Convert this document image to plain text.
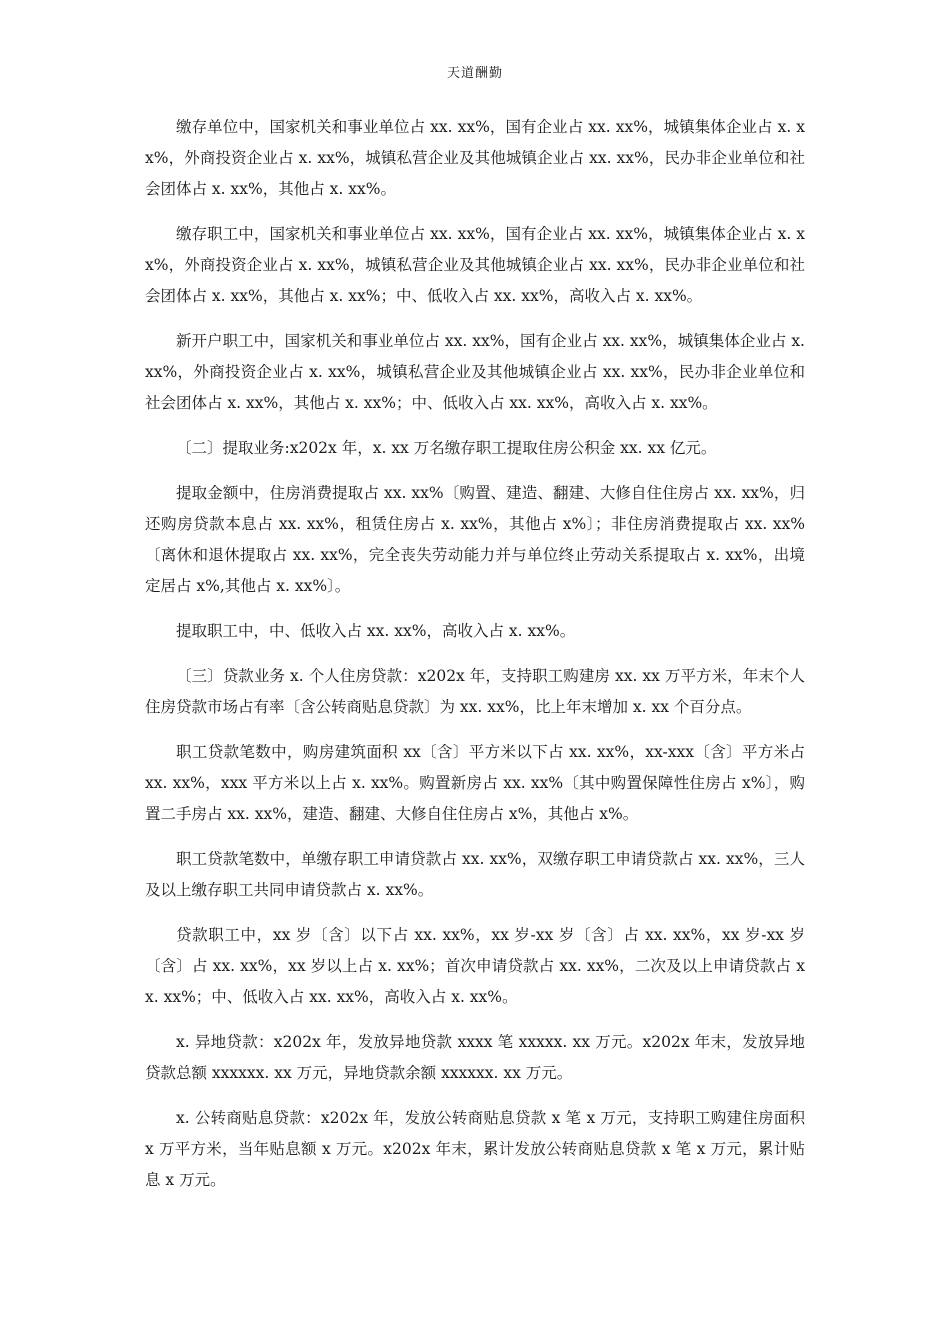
天道酬勤

缴存单位中，国家机关和事业单位占 xx. xx%，国有企业占 xx. xx%，城镇集体企业占 x. xx%，外商投资企业占 x. xx%，城镇私营企业及其他城镇企业占 xx. xx%，民办非企业单位和社会团体占 x. xx%，其他占 x. xx%。

缴存职工中，国家机关和事业单位占 xx. xx%，国有企业占 xx. xx%，城镇集体企业占 x. xx%，外商投资企业占 x. xx%，城镇私营企业及其他城镇企业占 xx. xx%，民办非企业单位和社会团体占 x. xx%，其他占 x. xx%；中、低收入占 xx. xx%，高收入占 x. xx%。

新开户职工中，国家机关和事业单位占 xx. xx%，国有企业占 xx. xx%，城镇集体企业占 x. xx%，外商投资企业占 x. xx%，城镇私营企业及其他城镇企业占 xx. xx%，民办非企业单位和社会团体占 x. xx%，其他占 x. xx%；中、低收入占 xx. xx%，高收入占 x. xx%。

〔二〕提取业务:x202x 年，x. xx 万名缴存职工提取住房公积金 xx. xx 亿元。

提取金额中，住房消费提取占 xx. xx%〔购置、建造、翻建、大修自住住房占 xx. xx%，归还购房贷款本息占 xx. xx%，租赁住房占 x. xx%，其他占 x%〕；非住房消费提取占 xx. xx%〔离休和退休提取占 xx. xx%，完全丧失劳动能力并与单位终止劳动关系提取占 x. xx%，出境定居占 x%,其他占 x. xx%〕。

提取职工中，中、低收入占 xx. xx%，高收入占 x. xx%。

〔三〕贷款业务 x. 个人住房贷款：x202x 年，支持职工购建房 xx. xx 万平方米，年末个人住房贷款市场占有率〔含公转商贴息贷款〕为 xx. xx%，比上年末增加 x. xx 个百分点。

职工贷款笔数中，购房建筑面积 xx〔含〕平方米以下占 xx. xx%，xx-xxx〔含〕平方米占 xx. xx%，xxx 平方米以上占 x. xx%。购置新房占 xx. xx%〔其中购置保障性住房占 x%〕，购置二手房占 xx. xx%，建造、翻建、大修自住住房占 x%，其他占 x%。

职工贷款笔数中，单缴存职工申请贷款占 xx. xx%，双缴存职工申请贷款占 xx. xx%，三人及以上缴存职工共同申请贷款占 x. xx%。

贷款职工中，xx 岁〔含〕以下占 xx. xx%，xx 岁-xx 岁〔含〕占 xx. xx%，xx 岁-xx 岁〔含〕占 xx. xx%，xx 岁以上占 x. xx%；首次申请贷款占 xx. xx%，二次及以上申请贷款占 xx. xx%；中、低收入占 xx. xx%，高收入占 x. xx%。

x. 异地贷款：x202x 年，发放异地贷款 xxxx 笔 xxxxx. xx 万元。x202x 年末，发放异地贷款总额 xxxxxx. xx 万元，异地贷款余额 xxxxxx. xx 万元。

x. 公转商贴息贷款：x202x 年，发放公转商贴息贷款 x 笔 x 万元，支持职工购建住房面积 x 万平方米，当年贴息额 x 万元。x202x 年末，累计发放公转商贴息贷款 x 笔 x 万元，累计贴息 x 万元。
